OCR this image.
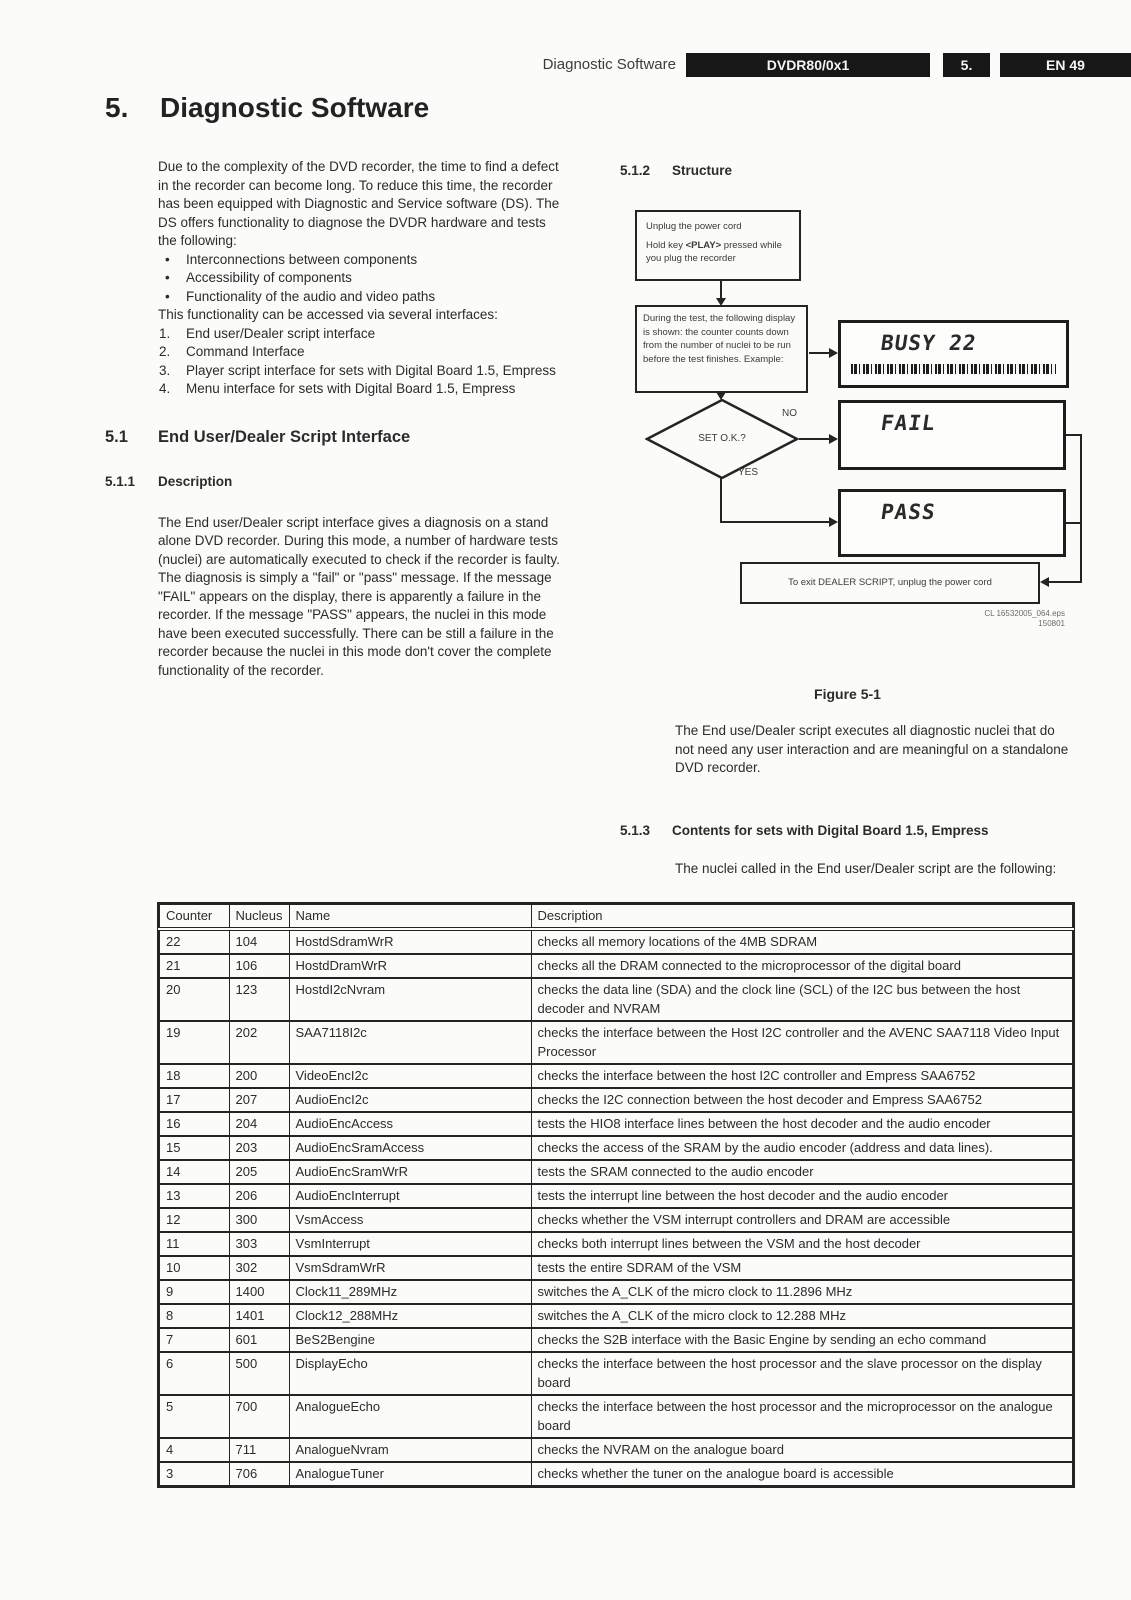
Diagnostic Software	DVDR80/0x1	5.	EN 49
5.	Diagnostic Software

Due to the complexity of the DVD recorder, the time to find a defect in the recorder can become long. To reduce this time, the recorder has been equipped with Diagnostic and Service software (DS). The DS offers functionality to diagnose the DVDR hardware and tests the following:

• Interconnections between components
• Accessibility of components
• Functionality of the audio and video paths

This functionality can be accessed via several interfaces:

End user/Dealer script interface
Command Interface
Player script interface for sets with Digital Board 1.5, Empress
Menu interface for sets with Digital Board 1.5, Empress
5.1	End User/Dealer Script Interface
5.1.1	Description

The End user/Dealer script interface gives a diagnosis on a stand alone DVD recorder. During this mode, a number of hardware tests (nuclei) are automatically executed to check if the recorder is faulty. The diagnosis is simply a "fail" or "pass" message. If the message "FAIL" appears on the display, there is apparently a failure in the recorder. If the message "PASS" appears, the nuclei in this mode have been executed successfully. There can be still a failure in the recorder because the nuclei in this mode don't cover the complete functionality of the recorder.

5.1.2	Structure

Unplug the power cord

Hold key <PLAY> pressed while you plug the recorder

During the test, the following display is shown: the counter counts down from the number of nuclei to be run before the test finishes. Example:
BUSY 22
SET O.K.?
NO	FAIL
YES
PASS
To exit DEALER SCRIPT, unplug the power cord
CL 16532005_064.eps
150801
Figure 5-1

The End use/Dealer script executes all diagnostic nuclei that do not need any user interaction and are meaningful on a standalone DVD recorder.

5.1.3	Contents for sets with Digital Board 1.5, Empress

The nuclei called in the End user/Dealer script are the following:

Counter	Nucleus	Name	Description
22	104	HostdSdramWrR	checks all memory locations of the 4MB SDRAM
21	106	HostdDramWrR	checks all the DRAM connected to the microprocessor of the digital board
20	123	HostdI2cNvram	checks the data line (SDA) and the clock line (SCL) of the I2C bus between the host decoder and NVRAM
19	202	SAA7118I2c	checks the interface between the Host I2C controller and the AVENC SAA7118 Video Input Processor
18	200	VideoEncI2c	checks the interface between the host I2C controller and Empress SAA6752
17	207	AudioEncI2c	checks the I2C connection between the host decoder and Empress SAA6752
16	204	AudioEncAccess	tests the HIO8 interface lines between the host decoder and the audio encoder
15	203	AudioEncSramAccess	checks the access of the SRAM by the audio encoder (address and data lines).
14	205	AudioEncSramWrR	tests the SRAM connected to the audio encoder
13	206	AudioEncInterrupt	tests the interrupt line between the host decoder and the audio encoder
12	300	VsmAccess	checks whether the VSM interrupt controllers and DRAM are accessible
11	303	VsmInterrupt	checks both interrupt lines between the VSM and the host decoder
10	302	VsmSdramWrR	tests the entire SDRAM of the VSM
9	1400	Clock11_289MHz	switches the A_CLK of the micro clock to 11.2896 MHz
8	1401	Clock12_288MHz	switches the A_CLK of the micro clock to 12.288 MHz
7	601	BeS2Bengine	checks the S2B interface with the Basic Engine by sending an echo command
6	500	DisplayEcho	checks the interface between the host processor and the slave processor on the display board
5	700	AnalogueEcho	checks the interface between the host processor and the microprocessor on the analogue board
4	711	AnalogueNvram	checks the NVRAM on the analogue board
3	706	AnalogueTuner	checks whether the tuner on the analogue board is accessible
